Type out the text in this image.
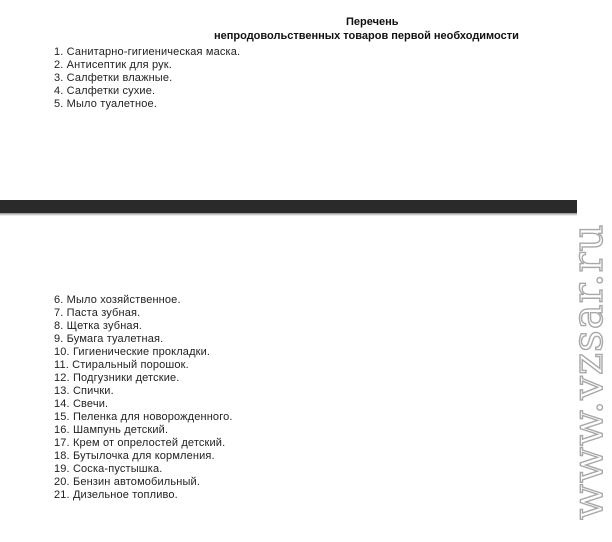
Перечень
непродовольственных товаров первой необходимости
1. Санитарно-гигиеническая маска.
2. Антисептик для рук.
3. Салфетки влажные.
4. Салфетки сухие.
5. Мыло туалетное.
6. Мыло хозяйственное.
7. Паста зубная.
8. Щетка зубная.
9. Бумага туалетная.
10. Гигиенические прокладки.
11. Стиральный порошок.
12. Подгузники детские.
13. Спички.
14. Свечи.
15. Пеленка для новорожденного.
16. Шампунь детский.
17. Крем от опрелостей детский.
18. Бутылочка для кормления.
19. Соска-пустышка.
20. Бензин автомобильный.
21. Дизельное топливо.	www.vzsar.ru
